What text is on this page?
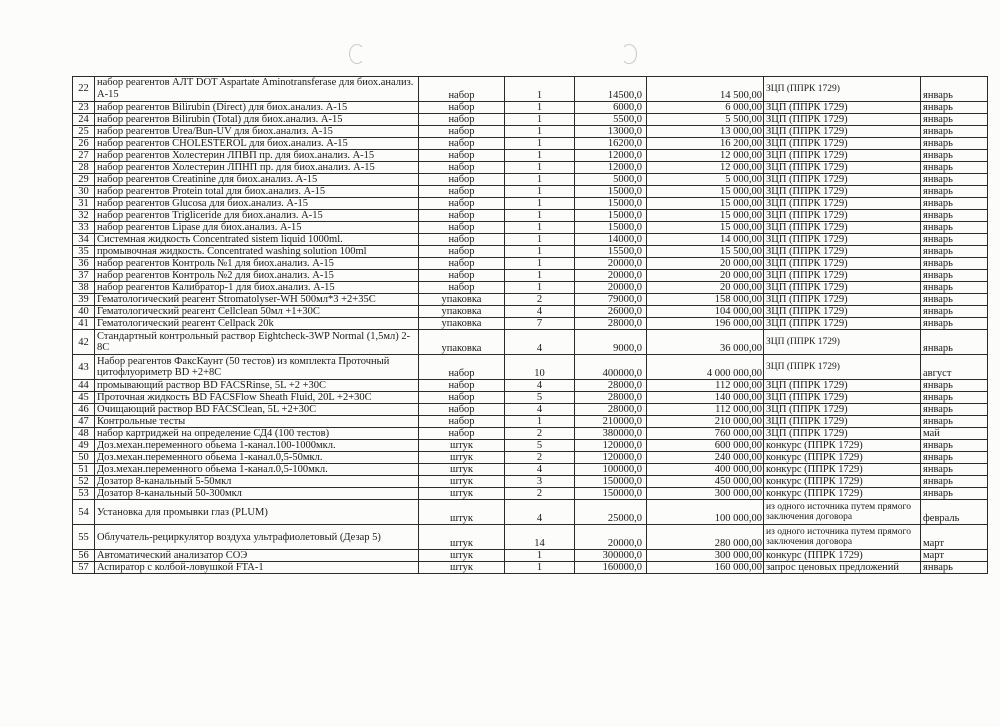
22	набор реагентов АЛТ DOT Aspartate Aminotransferase для биох.анализ. А-15	набор	1	14500,0	14 500,00	ЗЦП (ППРК 1729)	январь
23	набор реагентов Bilirubin (Direct) для биох.анализ. А-15	набор	1	6000,0	6 000,00	ЗЦП (ППРК 1729)	январь
24	набор реагентов Bilirubin (Total) для биох.анализ. А-15	набор	1	5500,0	5 500,00	ЗЦП (ППРК 1729)	январь
25	набор реагентов Urea/Bun-UV для биох.анализ. А-15	набор	1	13000,0	13 000,00	ЗЦП (ППРК 1729)	январь
26	набор реагентов CHOLESTEROL для биох.анализ. А-15	набор	1	16200,0	16 200,00	ЗЦП (ППРК 1729)	январь
27	набор реагентов Холестерин ЛПВП пр. для биох.анализ. А-15	набор	1	12000,0	12 000,00	ЗЦП (ППРК 1729)	январь
28	набор реагентов Холестерин ЛПНП пр. для биох.анализ. А-15	набор	1	12000,0	12 000,00	ЗЦП (ППРК 1729)	январь
29	набор реагентов Creatinine для биох.анализ. А-15	набор	1	5000,0	5 000,00	ЗЦП (ППРК 1729)	январь
30	набор реагентов Protein total для биох.анализ. А-15	набор	1	15000,0	15 000,00	ЗЦП (ППРК 1729)	январь
31	набор реагентов Glucosa для биох.анализ. А-15	набор	1	15000,0	15 000,00	ЗЦП (ППРК 1729)	январь
32	набор реагентов Trigliceride для биох.анализ. А-15	набор	1	15000,0	15 000,00	ЗЦП (ППРК 1729)	январь
33	набор реагентов Lipase для биох.анализ. А-15	набор	1	15000,0	15 000,00	ЗЦП (ППРК 1729)	январь
34	Системная жидкость Concentrated sistem liquid 1000ml.	набор	1	14000,0	14 000,00	ЗЦП (ППРК 1729)	январь
35	промывочная жидкость. Concentrated washing solution 100ml	набор	1	15500,0	15 500,00	ЗЦП (ППРК 1729)	январь
36	набор реагентов Контроль №1 для биох.анализ. А-15	набор	1	20000,0	20 000,00	ЗЦП (ППРК 1729)	январь
37	набор реагентов Контроль №2 для биох.анализ. А-15	набор	1	20000,0	20 000,00	ЗЦП (ППРК 1729)	январь
38	набор реагентов Калибратор-1 для биох.анализ. А-15	набор	1	20000,0	20 000,00	ЗЦП (ППРК 1729)	январь
39	Гематологический реагент Stromatolyser-WH 500мл*3 +2+35С	упаковка	2	79000,0	158 000,00	ЗЦП (ППРК 1729)	январь
40	Гематологический реагент Cellclean 50мл +1+30С	упаковка	4	26000,0	104 000,00	ЗЦП (ППРК 1729)	январь
41	Гематологический реагент Cellpack 20k	упаковка	7	28000,0	196 000,00	ЗЦП (ППРК 1729)	январь
42	Стандартный контрольный раствор Eightcheck-3WP Normal (1,5мл) 2-8С	упаковка	4	9000,0	36 000,00	ЗЦП (ППРК 1729)	январь
43	Набор реагентов ФаксКаунт (50 тестов) из комплекта Проточный цитофлуориметр BD +2+8С	набор	10	400000,0	4 000 000,00	ЗЦП (ППРК 1729)	август
44	промывающий раствор BD FACSRinse, 5L +2 +30С	набор	4	28000,0	112 000,00	ЗЦП (ППРК 1729)	январь
45	Проточная жидкость BD FACSFlow Sheath Fluid, 20L +2+30С	набор	5	28000,0	140 000,00	ЗЦП (ППРК 1729)	январь
46	Очищающий раствор BD FACSClean, 5L +2+30С	набор	4	28000,0	112 000,00	ЗЦП (ППРК 1729)	январь
47	Контрольные тесты	набор	1	210000,0	210 000,00	ЗЦП (ППРК 1729)	январь
48	набор картриджей на определение СД4 (100 тестов)	набор	2	380000,0	760 000,00	ЗЦП (ППРК 1729)	май
49	Доз.механ.переменного обьема 1-канал.100-1000мкл.	штук	5	120000,0	600 000,00	конкурс (ППРК 1729)	январь
50	Доз.механ.переменного обьема 1-канал.0,5-50мкл.	штук	2	120000,0	240 000,00	конкурс (ППРК 1729)	январь
51	Доз.механ.переменного обьема 1-канал.0,5-100мкл.	штук	4	100000,0	400 000,00	конкурс (ППРК 1729)	январь
52	Дозатор 8-канальный 5-50мкл	штук	3	150000,0	450 000,00	конкурс (ППРК 1729)	январь
53	Дозатор 8-канальный 50-300мкл	штук	2	150000,0	300 000,00	конкурс (ППРК 1729)	январь
54	Установка для промывки глаз (PLUM)	штук	4	25000,0	100 000,00	из одного источника путем прямого заключения договора	февраль
55	Облучатель-рециркулятор воздуха ультрафиолетовый (Дезар 5)	штук	14	20000,0	280 000,00	из одного источника путем прямого заключения договора	март
56	Автоматический анализатор СОЭ	штук	1	300000,0	300 000,00	конкурс (ППРК 1729)	март
57	Аспиратор с колбой-ловушкой FTA-1	штук	1	160000,0	160 000,00	запрос ценовых предложений	январь
